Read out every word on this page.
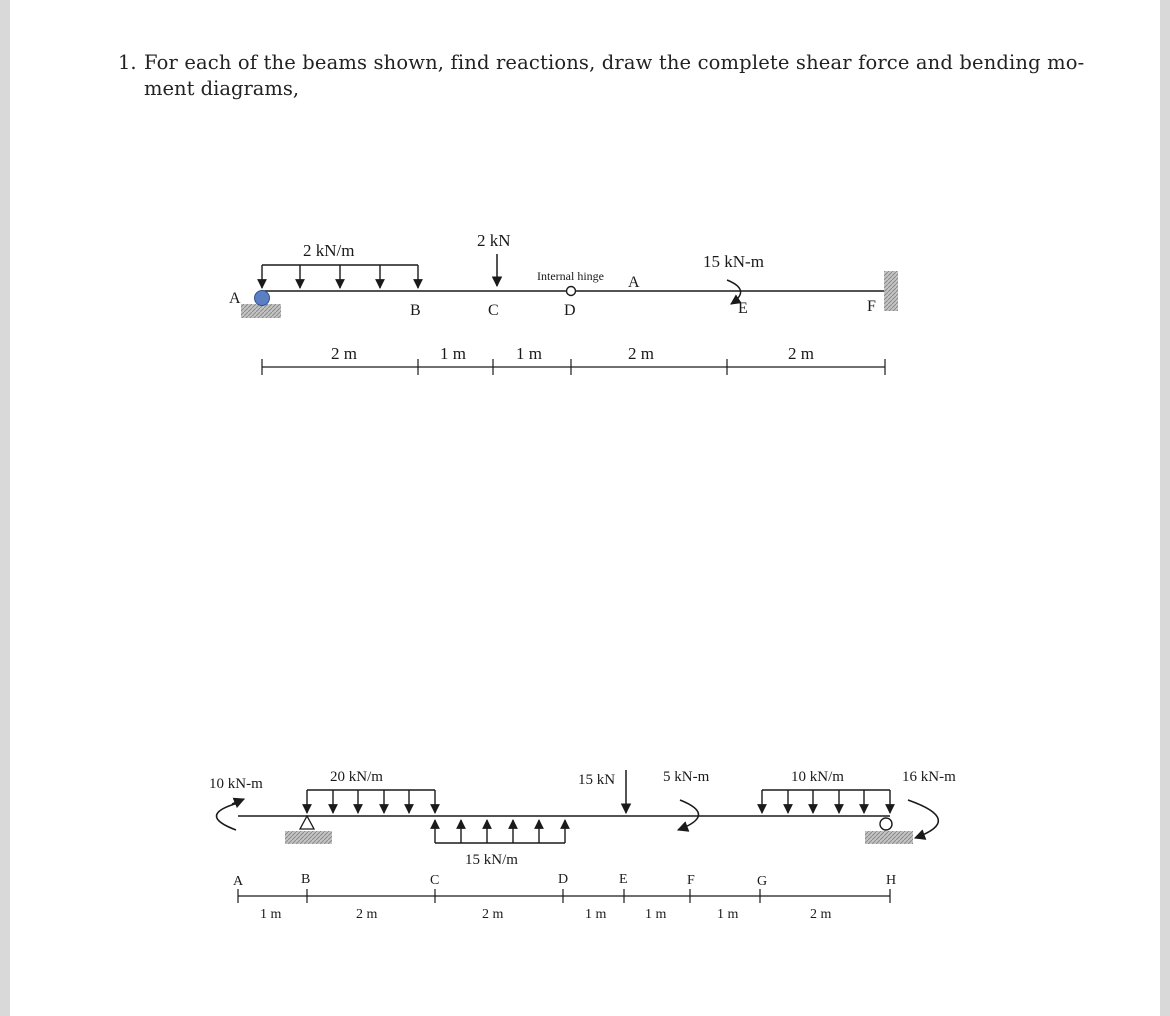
1. For each of the beams shown, find reactions, draw the complete shear force and bending mo-
ment diagrams,
2 kN/m
2 kN
Internal hinge A
15 kN-m
A
B	C	D	E	F
2 m	1 m	1 m	2 m	2 m
10 kN-m	20 kN/m
15 kN/m
15 kN	5 kN-m	10 kN/m	16 kN-m
A	B	C	D	E	F	G	H
1 m	2 m	2 m	1 m	1 m	1 m	2 m
